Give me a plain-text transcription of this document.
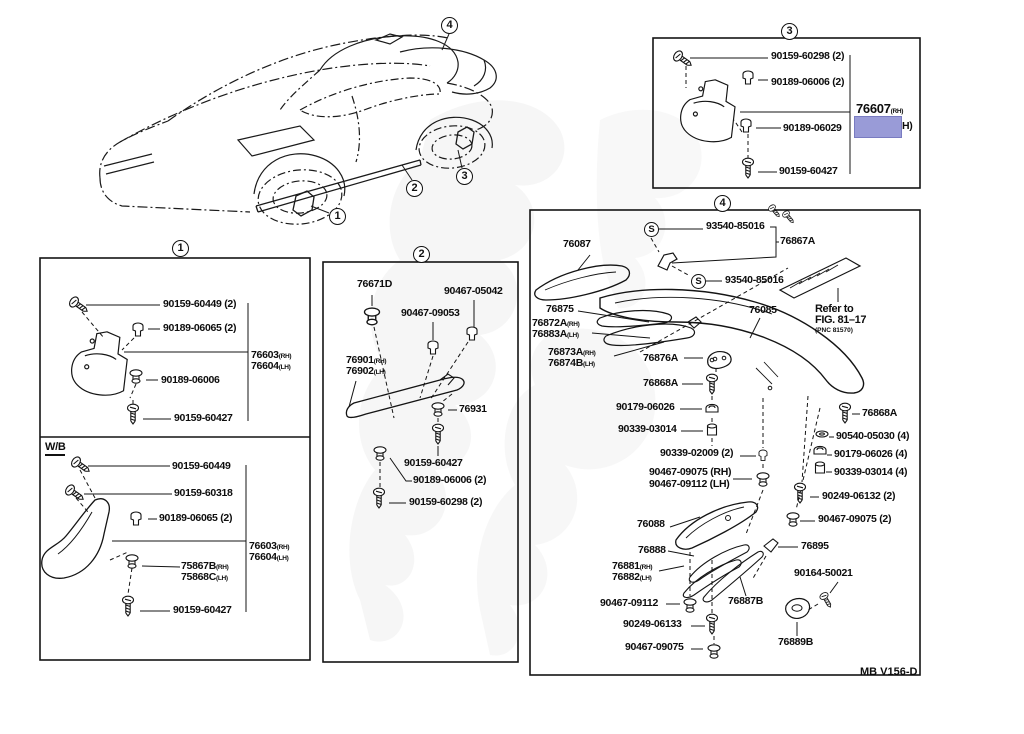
1
2
3
4
1	2
3
4
S
S
90159-60449 (2)
90189-06065 (2)
76603(RH)
76604(LH)
90189-06006
90159-60427
W/B
90159-60449
90159-60318
90189-06065 (2)
76603(RH)
76604(LH)
75867B(RH)
75868C(LH)
90159-60427
76671D
90467-05042
90467-09053
76901(RH)
76902(LH)
76931
90159-60427
90189-06006 (2)
90159-60298 (2)
90159-60298 (2)
90189-06006 (2)
76607(RH)
H)
90189-06029
90159-60427
93540-85016
76867A
76087
93540-85016
76875
76872A(RH)
76883A(LH)
76873A(RH)
76874B(LH)
76085	Refer to
FIG. 81–17
(PNC 81570)
76876A
76868A
90179-06026
90339-03014
90339-02009 (2)
90467-09075 (RH)
90467-09112 (LH)
76868A
90540-05030 (4)
90179-06026 (4)
90339-03014 (4)
90249-06132 (2)
90467-09075 (2)
76088
76888
76881(RH)
76882(LH)
90467-09112
90249-06133
90467-09075
76887B
76895
90164-50021
76889B
MB V156-D
